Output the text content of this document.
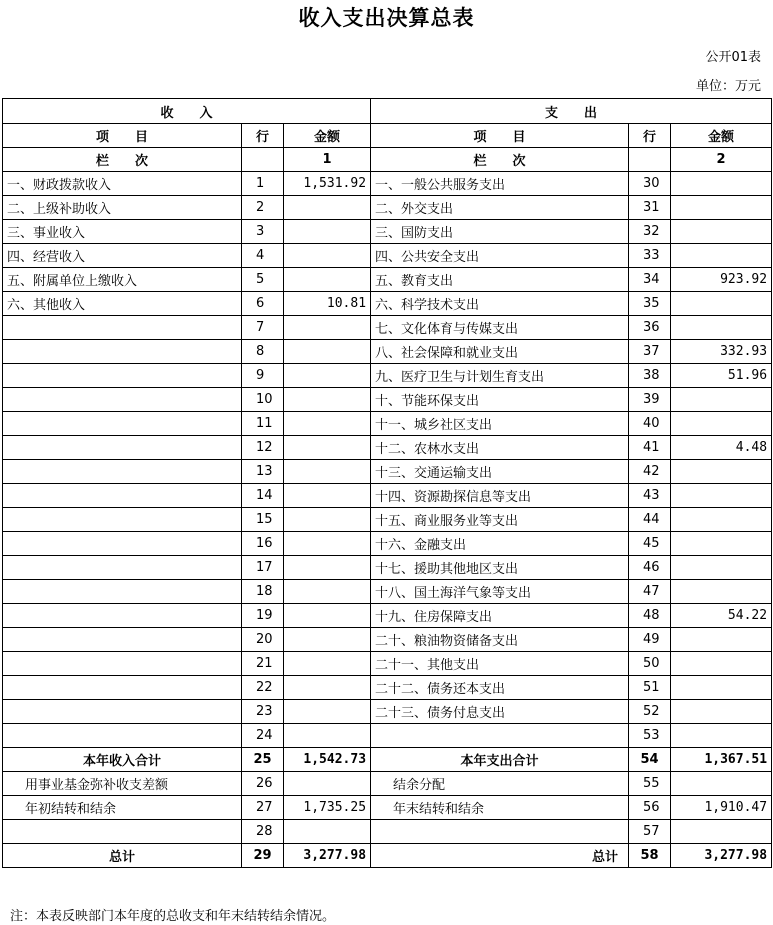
收入支出决算总表
公开01表
单位：万元
收　　入			支　　出		
项　　目	行	金额	项　　目	行	金额
栏　　次		1	栏　　次		2
一、财政拨款收入	1	1,531.92	一、一般公共服务支出	30	
二、上级补助收入	2		二、外交支出	31	
三、事业收入	3		三、国防支出	32	
四、经营收入	4		四、公共安全支出	33	
五、附属单位上缴收入	5		五、教育支出	34	923.92
六、其他收入	6	10.81	六、科学技术支出	35	
	7		七、文化体育与传媒支出	36	
	8		八、社会保障和就业支出	37	332.93
	9		九、医疗卫生与计划生育支出	38	51.96
	10		十、节能环保支出	39	
	11		十一、城乡社区支出	40	
	12		十二、农林水支出	41	4.48
	13		十三、交通运输支出	42	
	14		十四、资源勘探信息等支出	43	
	15		十五、商业服务业等支出	44	
	16		十六、金融支出	45	
	17		十七、援助其他地区支出	46	
	18		十八、国土海洋气象等支出	47	
	19		十九、住房保障支出	48	54.22
	20		二十、粮油物资储备支出	49	
	21		二十一、其他支出	50	
	22		二十二、债务还本支出	51	
	23		二十三、债务付息支出	52	
	24			53	
本年收入合计	25	1,542.73	本年支出合计	54	1,367.51
用事业基金弥补收支差额	26		结余分配	55	
年初结转和结余	27	1,735.25	年末结转和结余	56	1,910.47
	28			57	
总计	29	3,277.98	总计	58	3,277.98
注：本表反映部门本年度的总收支和年末结转结余情况。
